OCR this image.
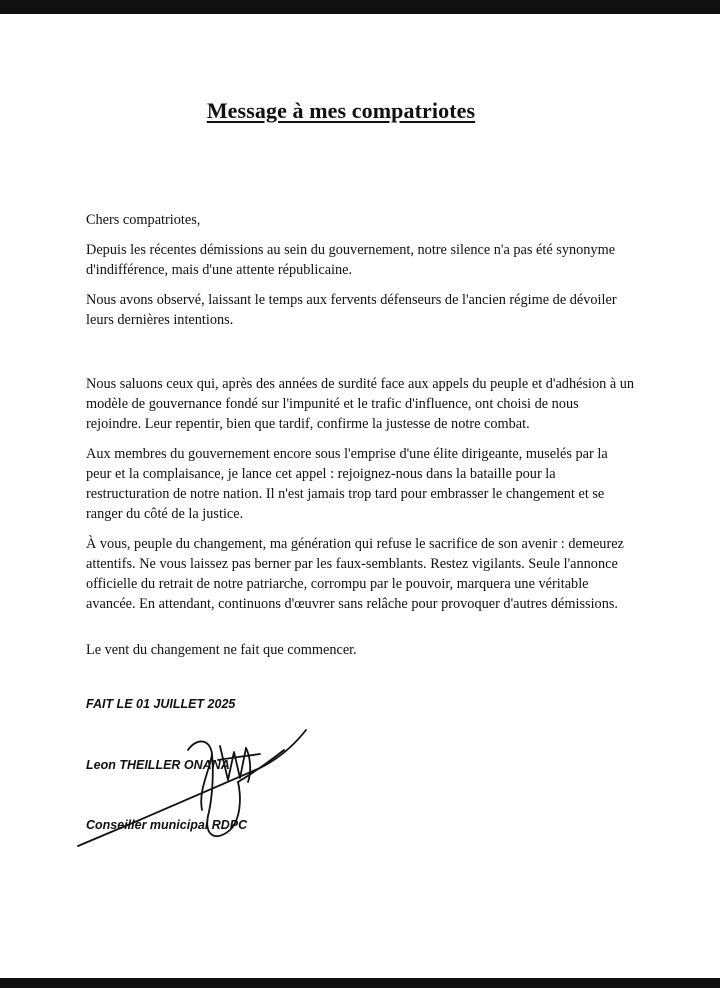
Message à mes compatriotes

Chers compatriotes,

Depuis les récentes démissions au sein du gouvernement, notre silence n'a pas été synonyme d'indifférence, mais d'une attente républicaine.

Nous avons observé, laissant le temps aux fervents défenseurs de l'ancien régime de dévoiler leurs dernières intentions.

Nous saluons ceux qui, après des années de surdité face aux appels du peuple et d'adhésion à un modèle de gouvernance fondé sur l'impunité et le trafic d'influence, ont choisi de nous rejoindre. Leur repentir, bien que tardif, confirme la justesse de notre combat.

Aux membres du gouvernement encore sous l'emprise d'une élite dirigeante, muselés par la peur et la complaisance, je lance cet appel : rejoignez-nous dans la bataille pour la restructuration de notre nation. Il n'est jamais trop tard pour embrasser le changement et se ranger du côté de la justice.

À vous, peuple du changement, ma génération qui refuse le sacrifice de son avenir : demeurez attentifs. Ne vous laissez pas berner par les faux-semblants. Restez vigilants. Seule l'annonce officielle du retrait de notre patriarche, corrompu par le pouvoir, marquera une véritable avancée. En attendant, continuons d'œuvrer sans relâche pour provoquer d'autres démissions.

Le vent du changement ne fait que commencer.

FAIT LE 01 JUILLET 2025
Leon THEILLER ONANA
Conseiller municipal RDPC
